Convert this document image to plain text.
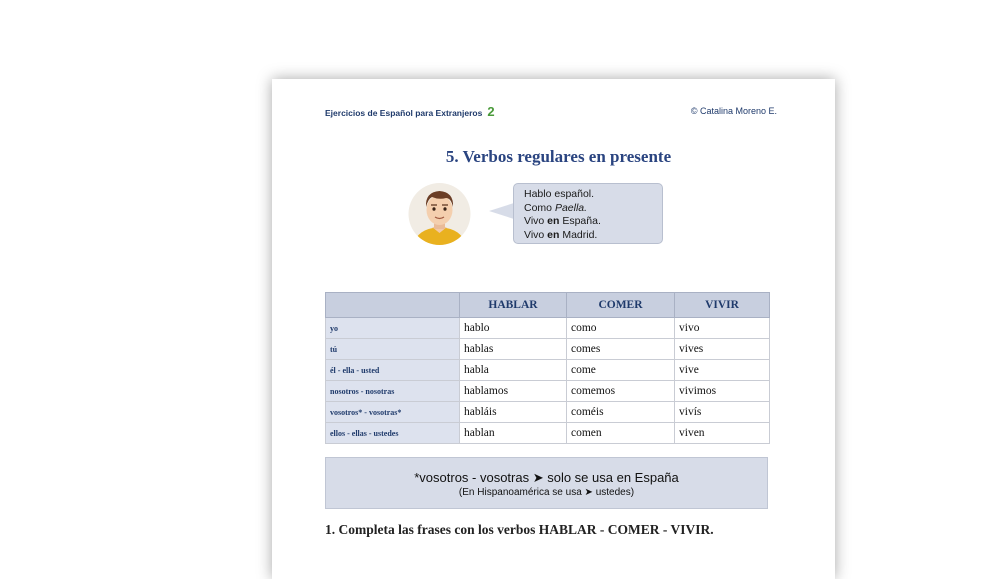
Ejercicios de Español para Extranjeros 2	© Catalina Moreno E.
5. Verbos regulares en presente
Hablo español.
Como Paella.
Vivo en España.
Vivo en Madrid.
	HABLAR	COMER	VIVIR
yo	hablo	como	vivo
tú	hablas	comes	vives
él - ella - usted	habla	come	vive
nosotros - nosotras	hablamos	comemos	vivimos
vosotros* - vosotras*	habláis	coméis	vivís
ellos - ellas - ustedes	hablan	comen	viven
*vosotros - vosotras ➤ solo se usa en España
(En Hispanoamérica se usa ➤ ustedes)
1. Completa las frases con los verbos HABLAR - COMER - VIVIR.
